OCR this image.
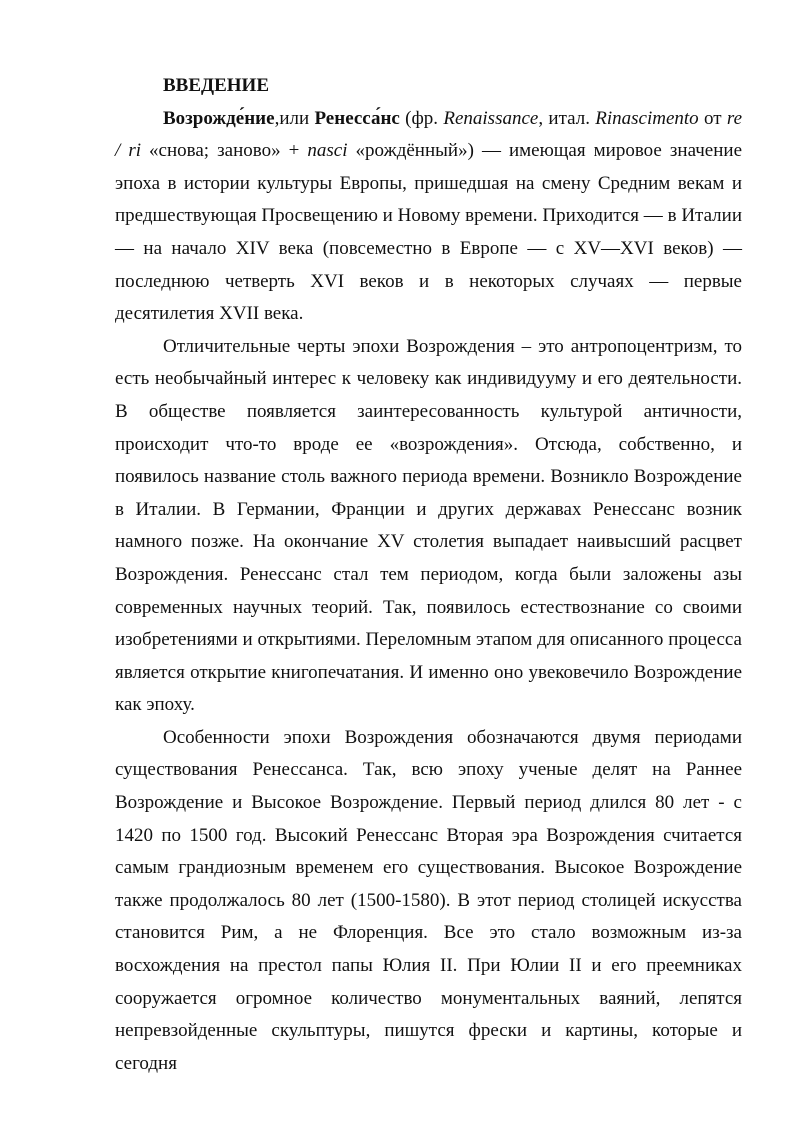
ВВЕДЕНИЕ

Возрожде́ние,или Ренесса́нс (фр. Renaissance, итал. Rinascimento от re / ri «снова; заново» + nasci «рождённый») — имеющая мировое значение эпоха в истории культуры Европы, пришедшая на смену Средним векам и предшествующая Просвещению и Новому времени. Приходится — в Италии — на начало XIV века (повсеместно в Европе — с XV—XVI веков) — последнюю четверть XVI веков и в некоторых случаях — первые десятилетия XVII века.

Отличительные черты эпохи Возрождения – это антропоцентризм, то есть необычайный интерес к человеку как индивидууму и его деятельности. В обществе появляется заинтересованность культурой античности, происходит что-то вроде ее «возрождения». Отсюда, собственно, и появилось название столь важного периода времени. Возникло Возрождение в Италии. В Германии, Франции и других державах Ренессанс возник намного позже. На окончание XV столетия выпадает наивысший расцвет Возрождения. Ренессанс стал тем периодом, когда были заложены азы современных научных теорий. Так, появилось естествознание со своими изобретениями и открытиями. Переломным этапом для описанного процесса является открытие книгопечатания. И именно оно увековечило Возрождение как эпоху.

Особенности эпохи Возрождения обозначаются двумя периодами существования Ренессанса. Так, всю эпоху ученые делят на Раннее Возрождение и Высокое Возрождение. Первый период длился 80 лет - с 1420 по 1500 год. Высокий Ренессанс Вторая эра Возрождения считается самым грандиозным временем его существования. Высокое Возрождение также продолжалось 80 лет (1500-1580). В этот период столицей искусства становится Рим, а не Флоренция. Все это стало возможным из-за восхождения на престол папы Юлия II. При Юлии II и его преемниках сооружается огромное количество монументальных ваяний, лепятся непревзойденные скульптуры, пишутся фрески и картины, которые и сегодня
